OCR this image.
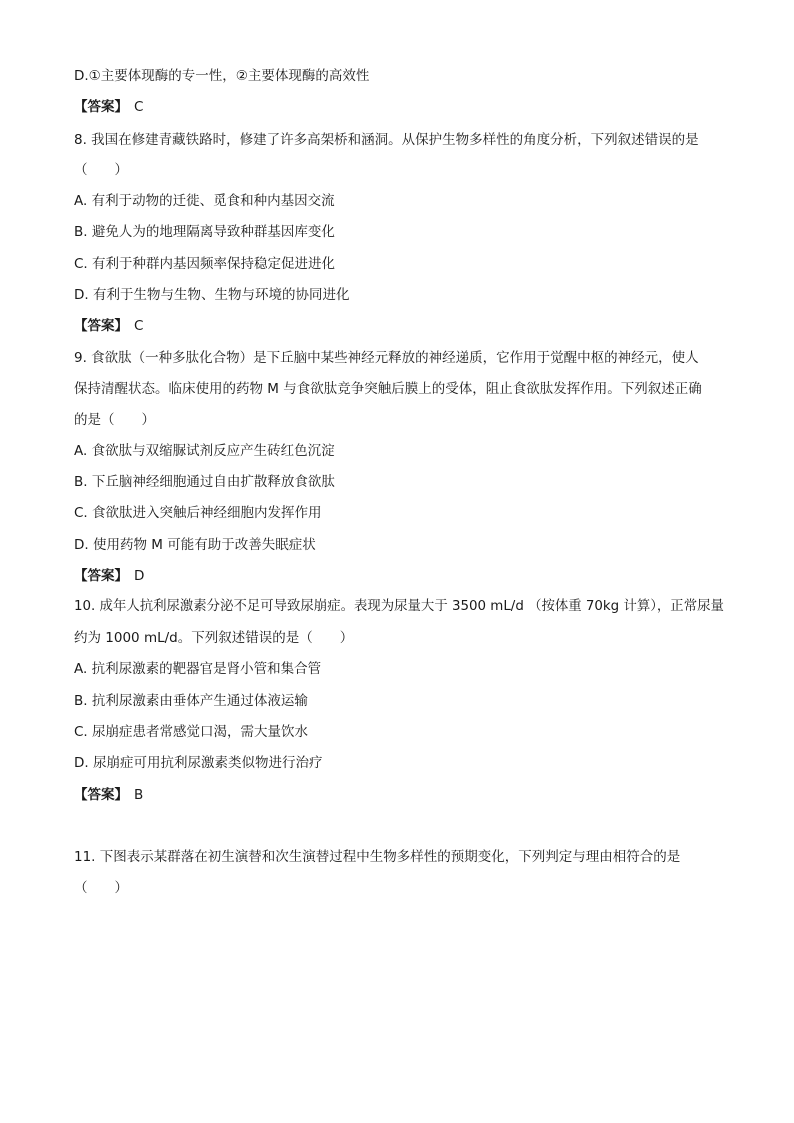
D.①主要体现酶的专一性，②主要体现酶的高效性
【答案】 C
8. 我国在修建青藏铁路时，修建了许多高架桥和涵洞。从保护生物多样性的角度分析，下列叙述错误的是
（　　）
A. 有利于动物的迁徙、觅食和种内基因交流
B. 避免人为的地理隔离导致种群基因库变化
C. 有利于种群内基因频率保持稳定促进进化
D. 有利于生物与生物、生物与环境的协同进化
【答案】 C
9. 食欲肽（一种多肽化合物）是下丘脑中某些神经元释放的神经递质，它作用于觉醒中枢的神经元，使人
保持清醒状态。临床使用的药物 M 与食欲肽竞争突触后膜上的受体，阻止食欲肽发挥作用。下列叙述正确
的是（　　）
A. 食欲肽与双缩脲试剂反应产生砖红色沉淀
B. 下丘脑神经细胞通过自由扩散释放食欲肽
C. 食欲肽进入突触后神经细胞内发挥作用
D. 使用药物 M 可能有助于改善失眠症状
【答案】 D
10. 成年人抗利尿激素分泌不足可导致尿崩症。表现为尿量大于 3500 mL/d （按体重 70kg 计算），正常尿量
约为 1000 mL/d。下列叙述错误的是（　　）
A. 抗利尿激素的靶器官是肾小管和集合管
B. 抗利尿激素由垂体产生通过体液运输
C. 尿崩症患者常感觉口渴，需大量饮水
D. 尿崩症可用抗利尿激素类似物进行治疗
【答案】 B
11. 下图表示某群落在初生演替和次生演替过程中生物多样性的预期变化，下列判定与理由相符合的是
（　　）
